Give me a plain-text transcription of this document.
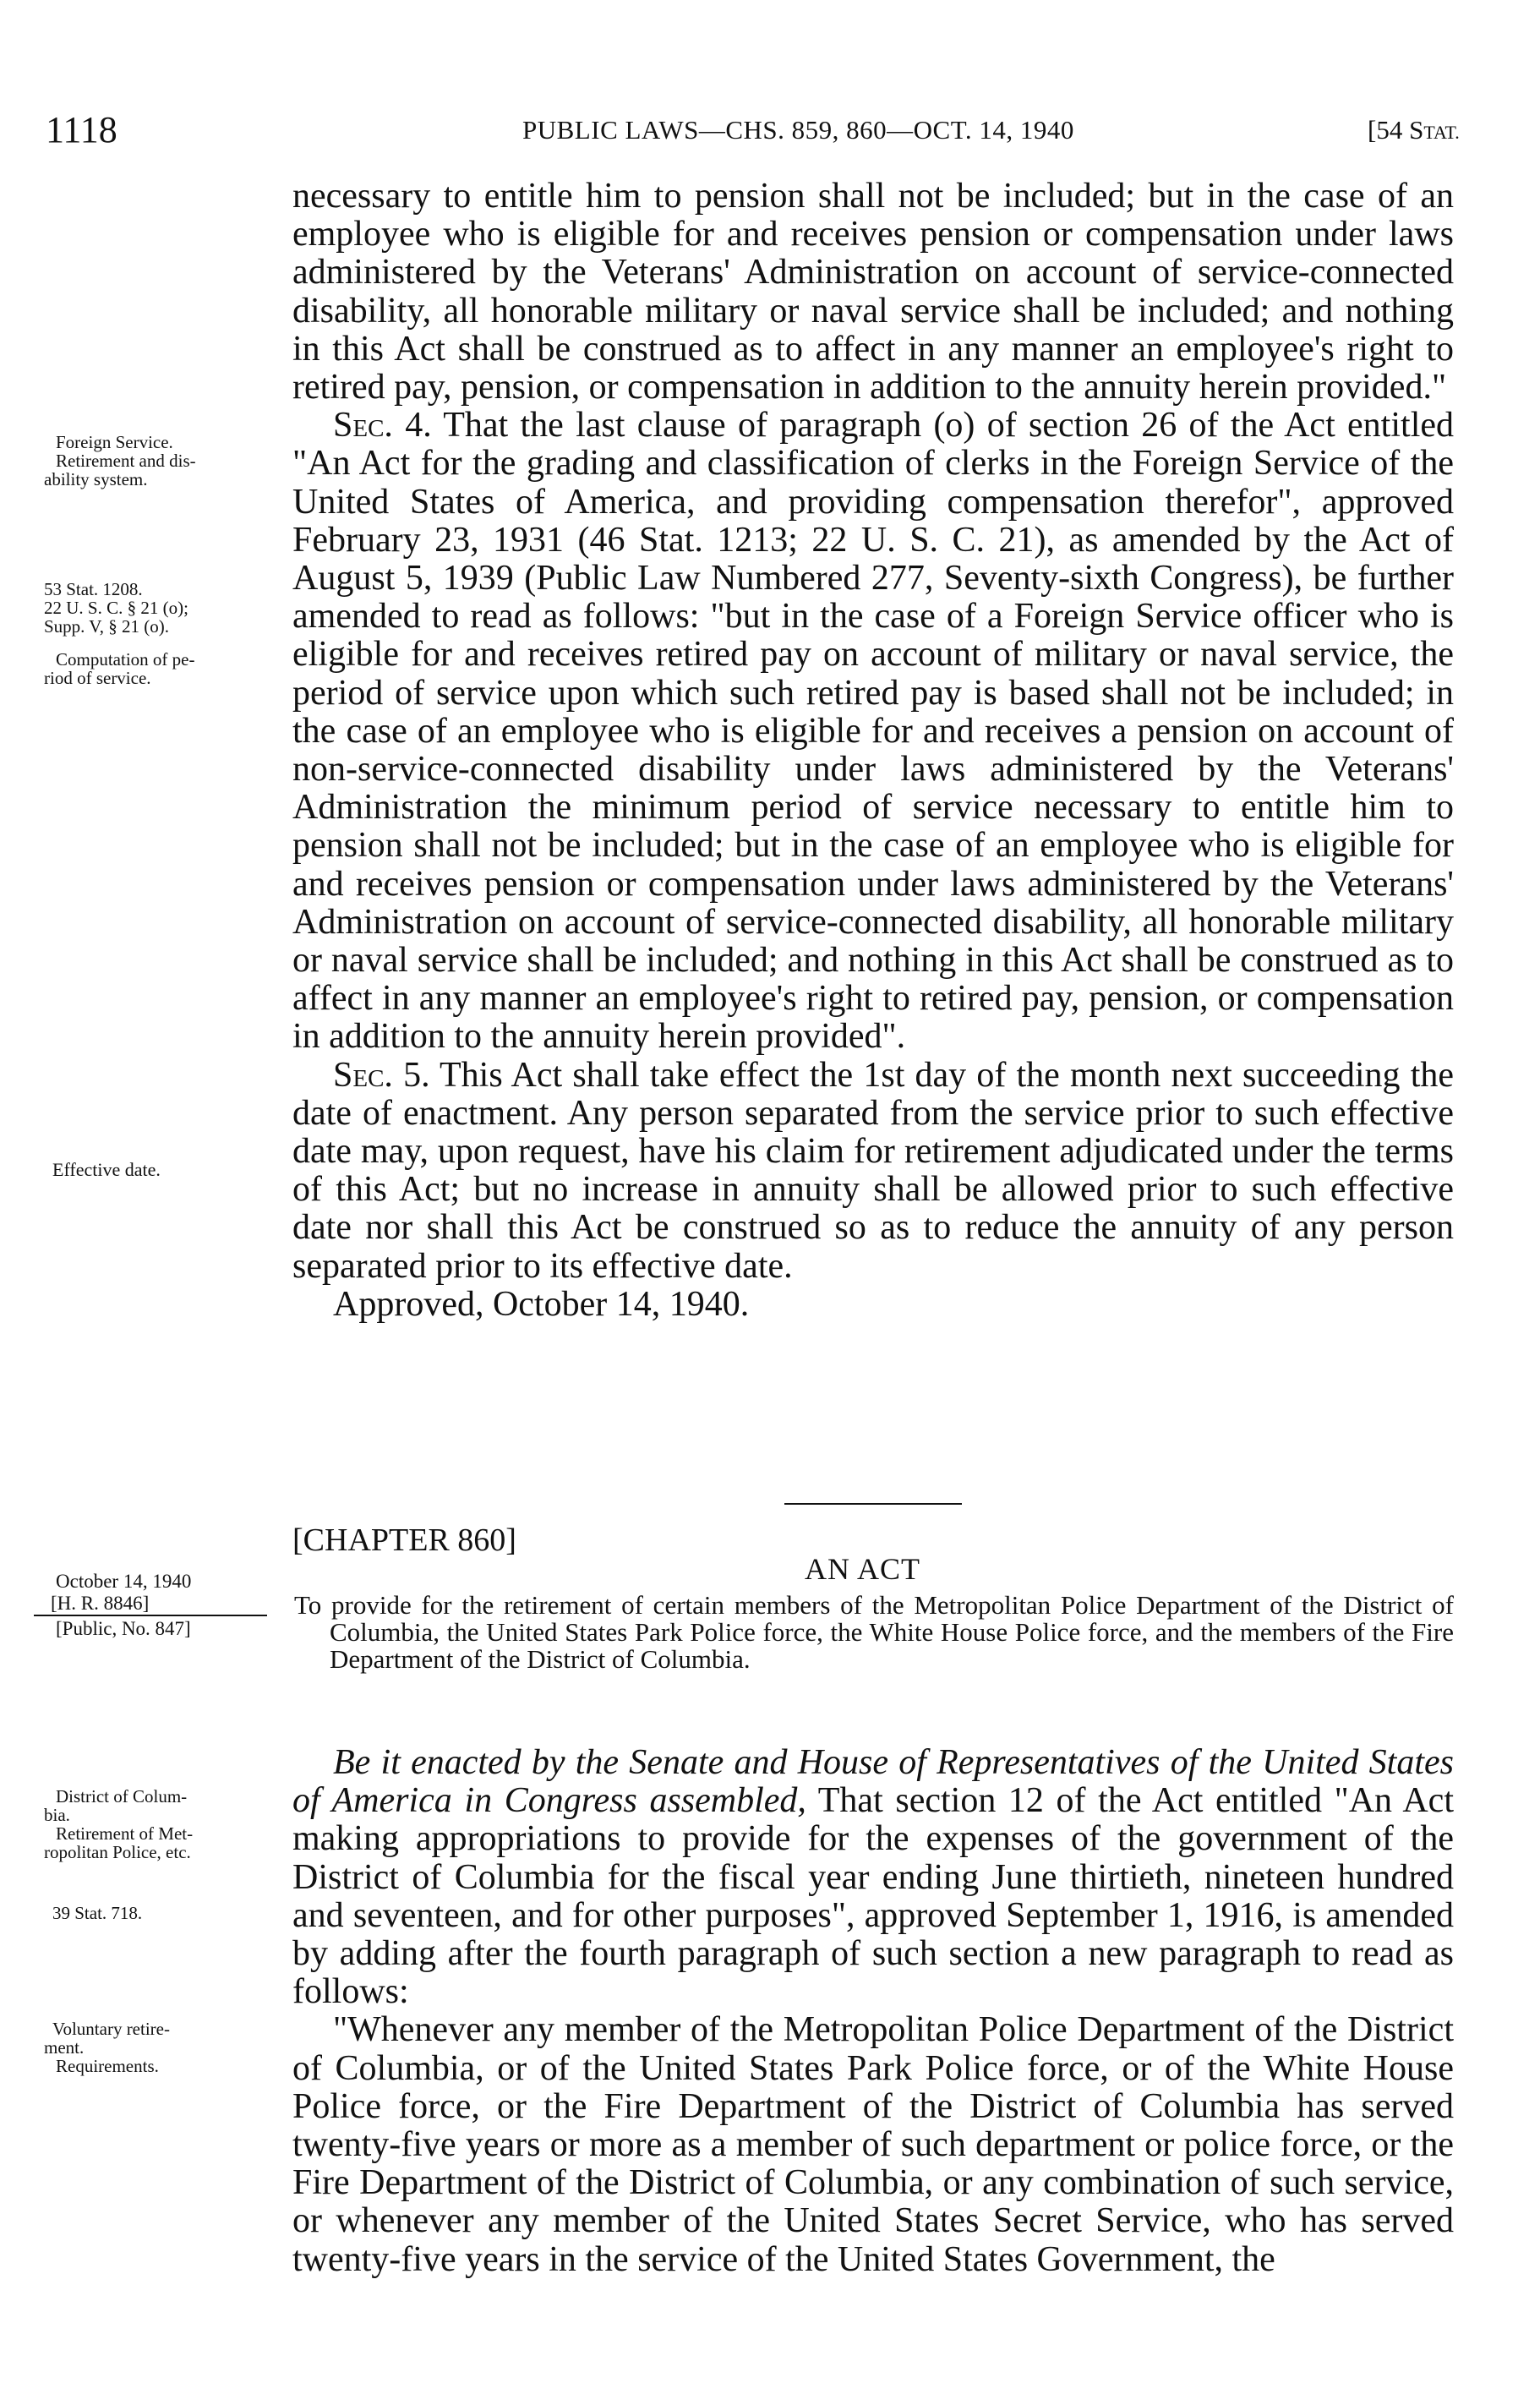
1118	PUBLIC LAWS—CHS. 859, 860—OCT. 14, 1940	[54 STAT.
Foreign Service.
Retirement and dis-
ability system.
53 Stat. 1208.
22 U. S. C. § 21 (o);
Supp. V, § 21 (o).
Computation of pe-
riod of service.
Effective date.

necessary to entitle him to pension shall not be included; but in the case of an employee who is eligible for and receives pension or compensation under laws administered by the Veterans' Administration on account of service-connected disability, all honorable military or naval service shall be included; and nothing in this Act shall be construed as to affect in any manner an employee's right to retired pay, pension, or compensation in addition to the annuity herein provided."

Sec. 4. That the last clause of paragraph (o) of section 26 of the Act entitled "An Act for the grading and classification of clerks in the Foreign Service of the United States of America, and providing compensation therefor", approved February 23, 1931 (46 Stat. 1213; 22 U. S. C. 21), as amended by the Act of August 5, 1939 (Public Law Numbered 277, Seventy-sixth Congress), be further amended to read as follows: "but in the case of a Foreign Service officer who is eligible for and receives retired pay on account of military or naval service, the period of service upon which such retired pay is based shall not be included; in the case of an employee who is eligible for and receives a pension on account of non-service-connected disability under laws administered by the Veterans' Administration the minimum period of service necessary to entitle him to pension shall not be included; but in the case of an employee who is eligible for and receives pension or compensation under laws administered by the Veterans' Administration on account of service-connected disability, all honorable military or naval service shall be included; and nothing in this Act shall be construed as to affect in any manner an employee's right to retired pay, pension, or compensation in addition to the annuity herein provided".

Sec. 5. This Act shall take effect the 1st day of the month next succeeding the date of enactment. Any person separated from the service prior to such effective date may, upon request, have his claim for retirement adjudicated under the terms of this Act; but no increase in annuity shall be allowed prior to such effective date nor shall this Act be construed so as to reduce the annuity of any person separated prior to its effective date.

Approved, October 14, 1940.

[CHAPTER 860]
AN ACT
October 14, 1940
[H. R. 8846]
[Public, No. 847]
To provide for the retirement of certain members of the Metropolitan Police Department of the District of Columbia, the United States Park Police force, the White House Police force, and the members of the Fire Department of the District of Columbia.
District of Colum-
bia.
Retirement of Met-
ropolitan Police, etc.
39 Stat. 718.
Voluntary retire-
ment.
Requirements.

Be it enacted by the Senate and House of Representatives of the United States of America in Congress assembled, That section 12 of the Act entitled "An Act making appropriations to provide for the expenses of the government of the District of Columbia for the fiscal year ending June thirtieth, nineteen hundred and seventeen, and for other purposes", approved September 1, 1916, is amended by adding after the fourth paragraph of such section a new paragraph to read as follows:

"Whenever any member of the Metropolitan Police Department of the District of Columbia, or of the United States Park Police force, or of the White House Police force, or the Fire Department of the District of Columbia has served twenty-five years or more as a member of such department or police force, or the Fire Department of the District of Columbia, or any combination of such service, or whenever any member of the United States Secret Service, who has served twenty-five years in the service of the United States Government, the
